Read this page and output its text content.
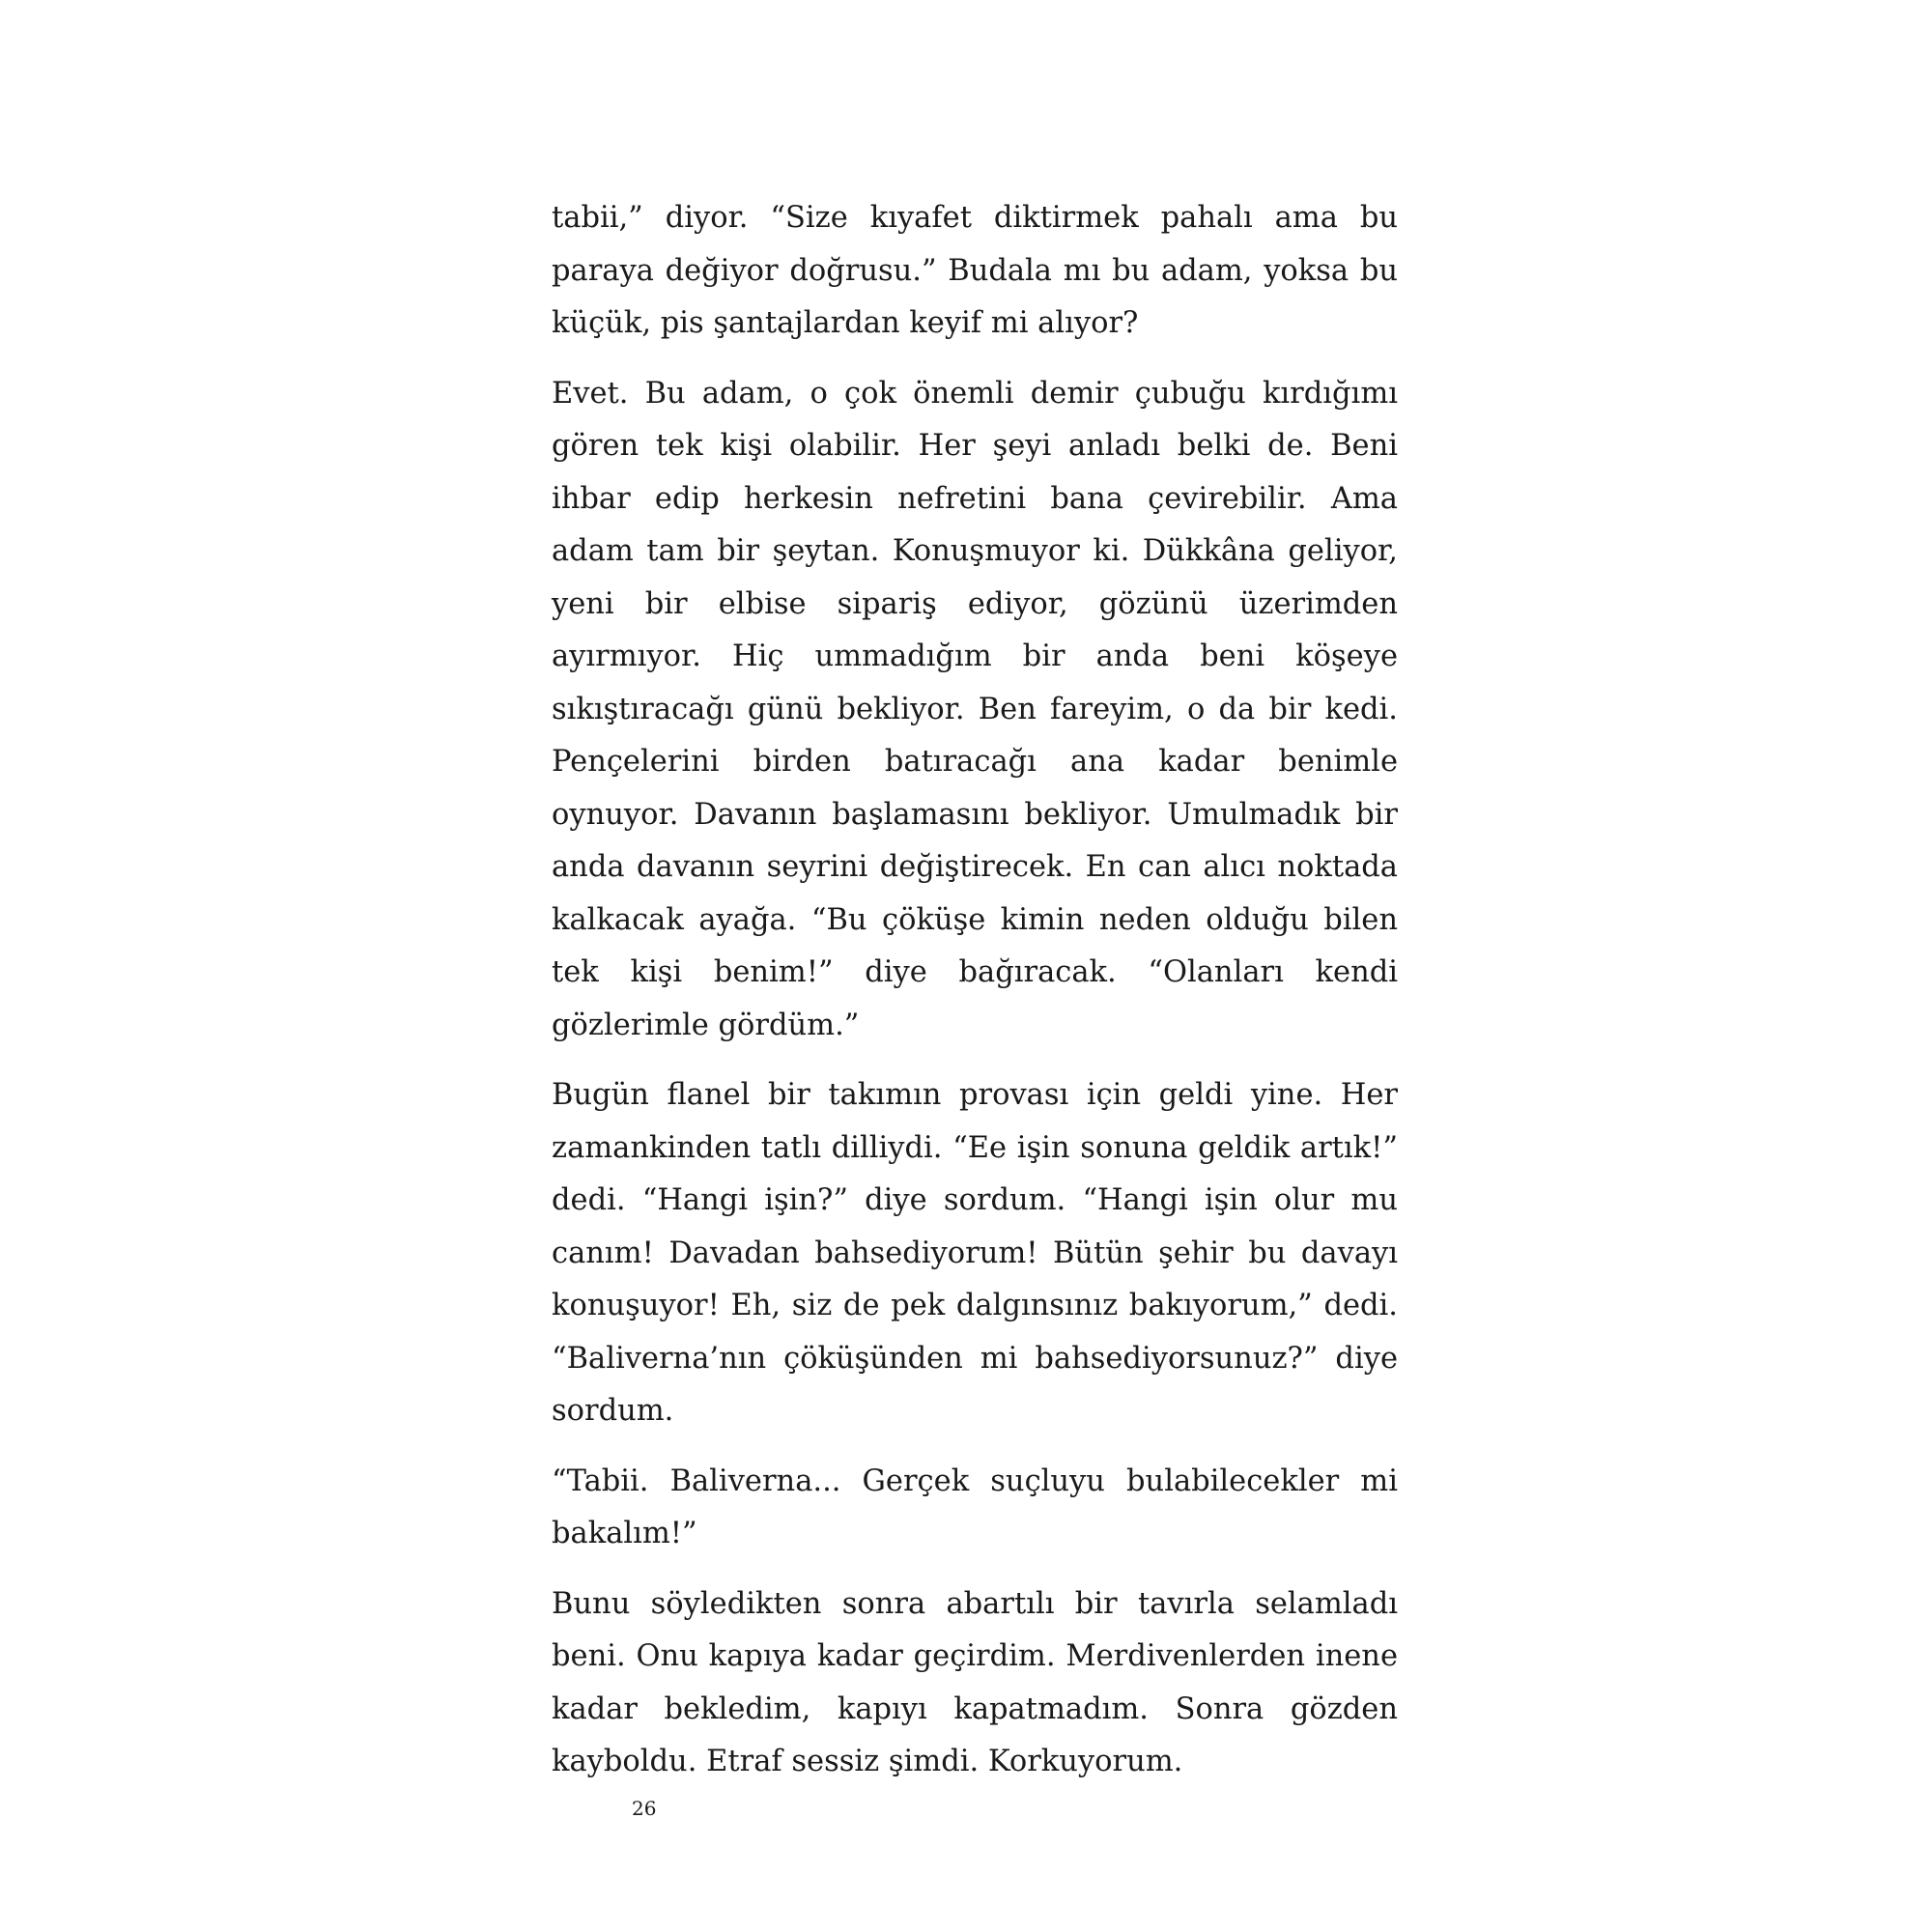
tabii,” diyor. “Size kıyafet diktirmek pahalı ama bu paraya değiyor doğrusu.” Budala mı bu adam, yoksa bu küçük, pis şantajlardan keyif mi alıyor?

Evet. Bu adam, o çok önemli demir çubuğu kırdığımı gören tek kişi olabilir. Her şeyi anladı belki de. Beni ihbar edip herkesin nefretini bana çevirebilir. Ama adam tam bir şeytan. Konuşmuyor ki. Dükkâna geliyor, yeni bir elbise sipariş ediyor, gözünü üzerimden ayırmıyor. Hiç ummadığım bir anda beni köşeye sıkıştıracağı günü bekliyor. Ben fareyim, o da bir kedi. Pençelerini birden batıracağı ana kadar benimle oynuyor. Davanın başlamasını bekliyor. Umulmadık bir anda davanın seyrini değiştirecek. En can alıcı noktada kalkacak ayağa. “Bu çöküşe kimin neden olduğu bilen tek kişi benim!” diye bağıracak. “Olanları kendi gözlerimle gördüm.”

Bugün flanel bir takımın provası için geldi yine. Her zamankinden tatlı dilliydi. “Ee işin sonuna geldik artık!” dedi. “Hangi işin?” diye sordum. “Hangi işin olur mu canım! Davadan bahsediyorum! Bütün şehir bu davayı konuşuyor! Eh, siz de pek dalgınsınız bakıyorum,” dedi. “Baliverna’nın çöküşünden mi bahsediyorsunuz?” diye sordum.

“Tabii. Baliverna... Gerçek suçluyu bulabilecekler mi bakalım!”

Bunu söyledikten sonra abartılı bir tavırla selamladı beni. Onu kapıya kadar geçirdim. Merdivenlerden inene kadar bekledim, kapıyı kapatmadım. Sonra gözden kayboldu. Etraf sessiz şimdi. Korkuyorum.

26
